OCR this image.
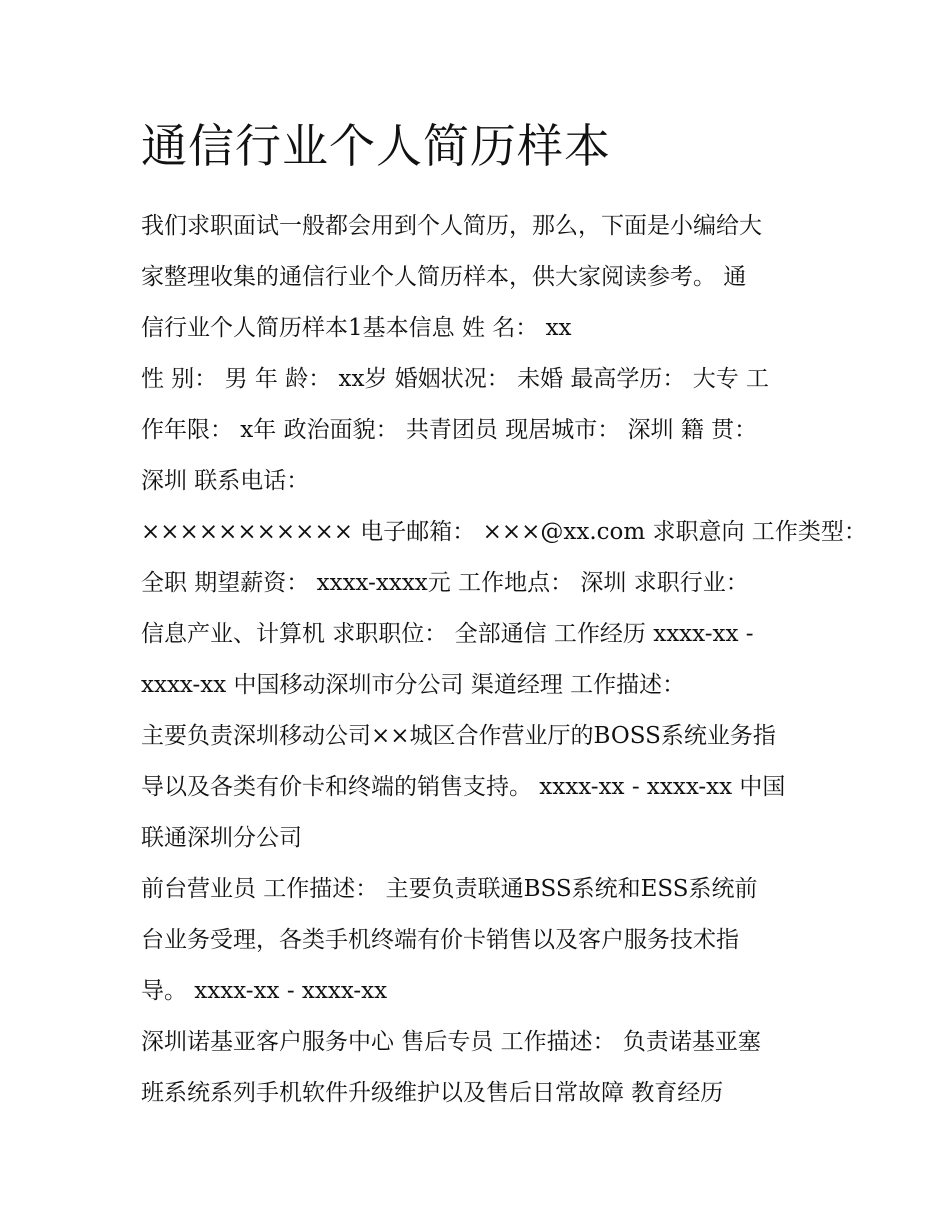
通信行业个人简历样本
我们求职面试一般都会用到个人简历，那么，下面是小编给大
家整理收集的通信行业个人简历样本，供大家阅读参考。 通
信行业个人简历样本1基本信息 姓 名： xx
性 别： 男 年 龄： xx岁 婚姻状况： 未婚 最高学历： 大专 工
作年限： x年 政治面貌： 共青团员 现居城市： 深圳 籍 贯：
深圳 联系电话：
××××××××××× 电子邮箱： ×××@xx.com 求职意向 工作类型：
全职 期望薪资： xxxx-xxxx元 工作地点： 深圳 求职行业：
信息产业、计算机 求职职位： 全部通信 工作经历 xxxx-xx -
xxxx-xx 中国移动深圳市分公司 渠道经理 工作描述：
主要负责深圳移动公司××城区合作营业厅的BOSS系统业务指
导以及各类有价卡和终端的销售支持。 xxxx-xx - xxxx-xx 中国
联通深圳分公司
前台营业员 工作描述： 主要负责联通BSS系统和ESS系统前
台业务受理，各类手机终端有价卡销售以及客户服务技术指
导。 xxxx-xx - xxxx-xx
深圳诺基亚客户服务中心 售后专员 工作描述： 负责诺基亚塞
班系统系列手机软件升级维护以及售后日常故障 教育经历
